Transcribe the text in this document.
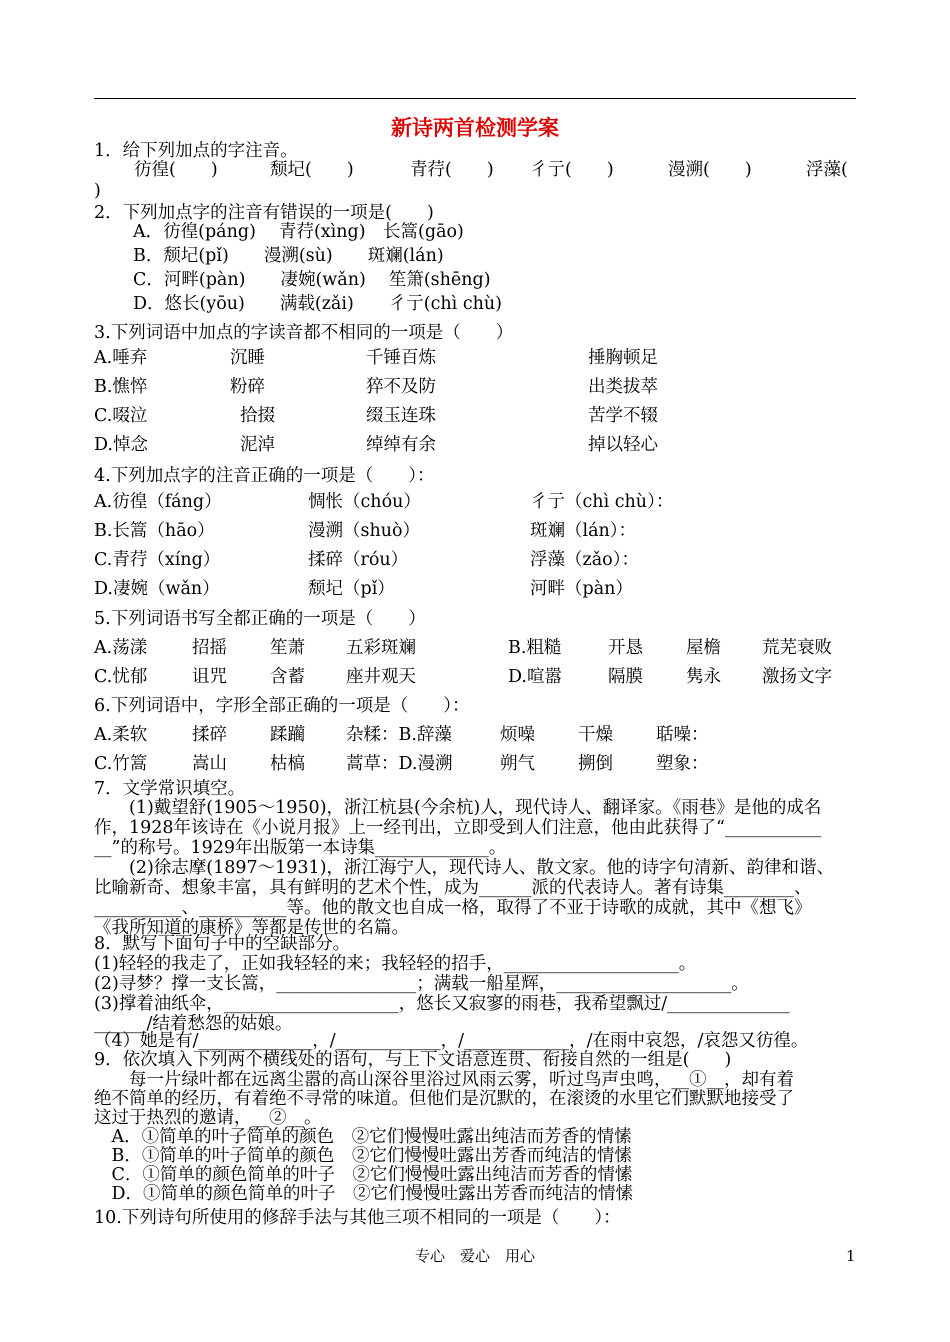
新诗两首检测学案
1．给下列加点的字注音。
彷徨(　　)	颓圮(　　)	青荇(　　) 彳亍(　　)	漫溯(　　)	浮藻(
)
2．下列加点字的注音有错误的一项是(　　)
A．彷徨(páng)　 青荇(xìng)　长篙(gāo)
B．颓圮(pǐ)　　漫溯(sù)　　斑斓(lán)
C．河畔(pàn)　　凄婉(wǎn)　 笙箫(shēng)
D．悠长(yōu)　　满载(zǎi)　　彳亍(chì chù)
3.下列词语中加点的字读音都不相同的一项是（　　）
A.唾弃	沉睡	千锤百炼	捶胸顿足
B.憔悴	粉碎	猝不及防	出类拔萃
C.啜泣	拾掇	缀玉连珠	苦学不辍
D.悼念	泥淖	绰绰有余	掉以轻心
4.下列加点字的注音正确的一项是（　　）：
A.彷徨（fáng）	惆怅（chóu）	彳亍（chì chù）：
B.长篙（hāo）	漫溯（shuò）	斑斓（lán）：
C.青荇（xíng）	揉碎（róu）	浮藻（zǎo）：
D.凄婉（wǎn）	颓圮（pǐ）	河畔（pàn）
5.下列词语书写全都正确的一项是（　　）
A.荡漾	招摇 笙萧 五彩斑斓	B.粗糙	开恳 屋檐 荒芜衰败
C.忧郁	诅咒 含蓄 座井观天	D.喧嚣	隔膜 隽永 激扬文字
6.下列词语中，字形全部正确的一项是（　　）：
A.柔软	揉碎 蹂躏 杂糅：B.辞藻	烦噪 干燥 聒噪：
C.竹篙	嵩山 枯槁 蒿草：D.漫溯	朔气 搠倒 塑象：
7．文学常识填空。
　　(1)戴望舒(1905～1950)，浙江杭县(今余杭)人，现代诗人、翻译家。《雨巷》是他的成名
作，1928年该诗在《小说月报》上一经刊出，立即受到人们注意，他由此获得了“___________
__”的称号。1929年出版第一本诗集_____________。
　　(2)徐志摩(1897～1931)，浙江海宁人，现代诗人、散文家。他的诗字句清新、韵律和谐、
比喻新奇、想象丰富，具有鲜明的艺术个性，成为______派的代表诗人。著有诗集________、
__________、__________等。他的散文也自成一格，取得了不亚于诗歌的成就，其中《想飞》
《我所知道的康桥》等都是传世的名篇。
8．默写下面句子中的空缺部分。
(1)轻轻的我走了，正如我轻轻的来；我轻轻的招手，____________________。
(2)寻梦？撑一支长篙，________________；满载一船星辉，____________________。
(3)撑着油纸伞，____________________，悠长又寂寥的雨巷，我希望飘过/______________
______/结着愁怨的姑娘。
（4）她是有/_____________，/____________，/____________，/在雨中哀怨，/哀怨又彷徨。
9．依次填入下列两个横线处的语句，与上下文语意连贯、衔接自然的一组是(　　)
　　每一片绿叶都在远离尘嚣的高山深谷里浴过风雨云雾，听过鸟声虫鸣，__①__，却有着
绝不简单的经历，有着绝不寻常的味道。但他们是沉默的，在滚烫的水里它们默默地接受了
这过于热烈的邀请，__②__。
　A．①简单的叶子简单的颜色　②它们慢慢吐露出纯洁而芳香的情愫
　B．①简单的叶子简单的颜色　②它们慢慢吐露出芳香而纯洁的情愫
　C．①简单的颜色简单的叶子　②它们慢慢吐露出纯洁而芳香的情愫
　D．①简单的颜色简单的叶子　②它们慢慢吐露出芳香而纯洁的情愫
10.下列诗句所使用的修辞手法与其他三项不相同的一项是（　　）：
专心　爱心　用心	1
